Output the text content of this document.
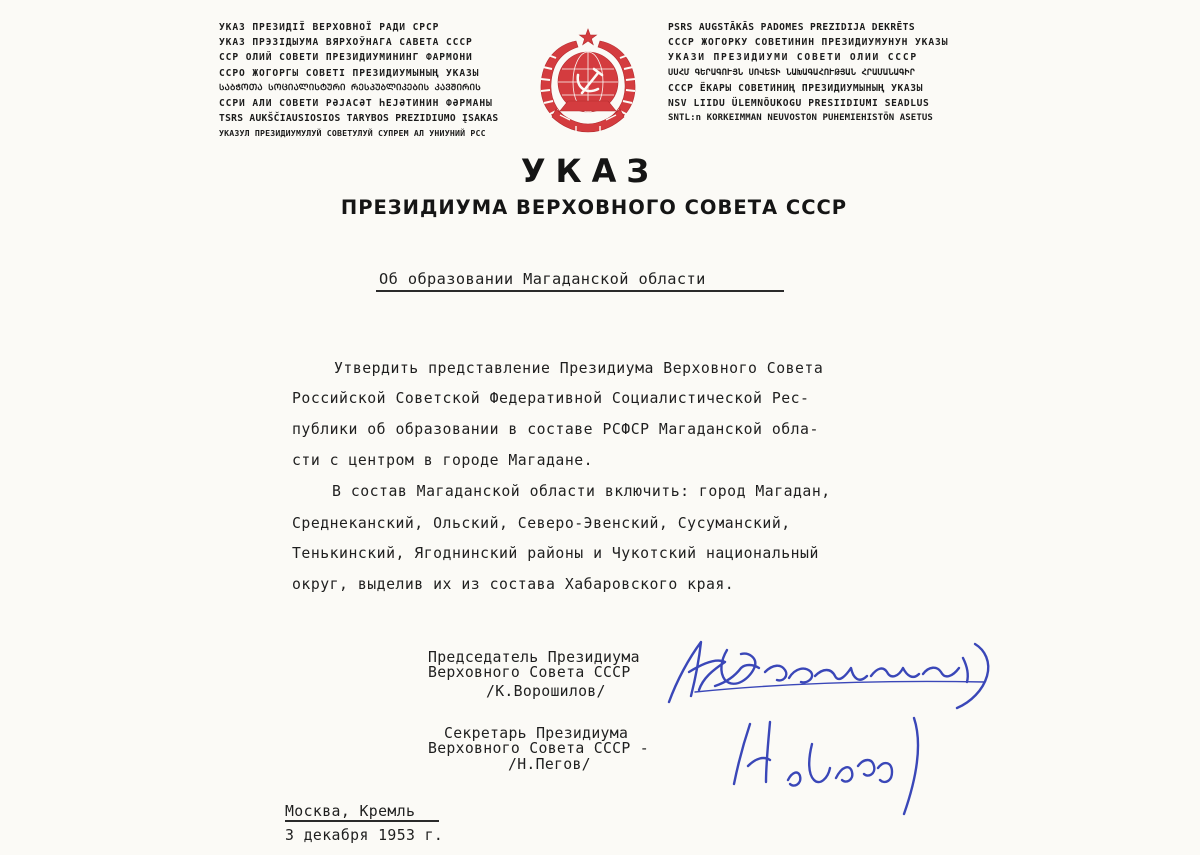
УКАЗ ПРЕЗИДІЇ ВЕРХОВНОЇ РАДИ СРСР
УКАЗ ПРЭЗІДЫУМА ВЯРХОЎНАГА САВЕТА СССР
ССР ОЛИЙ СОВЕТИ ПРЕЗИДИУМИНИНГ ФАРМОНИ
ССРО ЖОГОРГЫ СОВЕТІ ПРЕЗИДИУМЫНЫҢ УКАЗЫ
ᲡᲐᲑᲭᲝᲗᲐ ᲡᲝᲪᲘᲐᲚᲘᲡᲢᲣᲠᲘ ᲠᲔᲡᲞᲣᲑᲚᲘᲙᲔᲑᲘᲡ ᲙᲐᲕᲨᲘᲠᲘᲡ
ССРИ АЛИ СОВЕТИ РӘЈАСӘТ ҺЕЈӘТИНИН ФӘРМАНЫ
TSRS AUKŠČIAUSIOSIOS TARYBOS PREZIDIUMO ĮSAKAS
УКАЗУЛ ПРЕЗИДИУМУЛУЙ СОВЕТУЛУЙ СУПРЕМ АЛ УНИУНИЙ РСС
PSRS AUGSTĀKĀS PADOMES PREZIDIJA DEKRĒTS
СССР ЖОГОРКУ СОВЕТИНИН ПРЕЗИДИУМУНУН УКАЗЫ
УКАЗИ ПРЕЗИДИУМИ СОВЕТИ ОЛИИ СССР
ՍՍՀՄ ԳԵՐԱԳՈՒՅՆ ՍՈՎԵՏԻ ՆԱԽԱԳԱՀՈՒԹՅԱՆ ՀՐԱՄԱՆԱԳԻՐ
СССР ЁКАРЫ СОВЕТИНИҢ ПРЕЗИДИУМЫНЫҢ УКАЗЫ
NSV LIIDU ÜLEMNÕUKOGU PRESIIDIUMI SEADLUS
SNTL:n KORKEIMMAN NEUVOSTON PUHEMIEHISTÖN ASETUS
УКАЗ
ПРЕЗИДИУМА ВЕРХОВНОГО СОВЕТА СССР
Об образовании Магаданской области
Утвердить представление Президиума Верховного Совета
Российской Советской Федеративной Социалистической Рес-
публики об образовании в составе РСФСР Магаданской обла-
сти с центром в городе Магадане.
В состав Магаданской области включить: город Магадан,
Среднеканский, Ольский, Северо-Эвенский, Сусуманский,
Тенькинский, Ягоднинский районы и Чукотский национальный
округ, выделив их из состава Хабаровского края.
Председатель Президиума
Верховного Совета СССР
/К.Ворошилов/
Секретарь Президиума
Верховного Совета СССР -
/Н.Пегов/
Москва, Кремль
3 декабря 1953 г.
